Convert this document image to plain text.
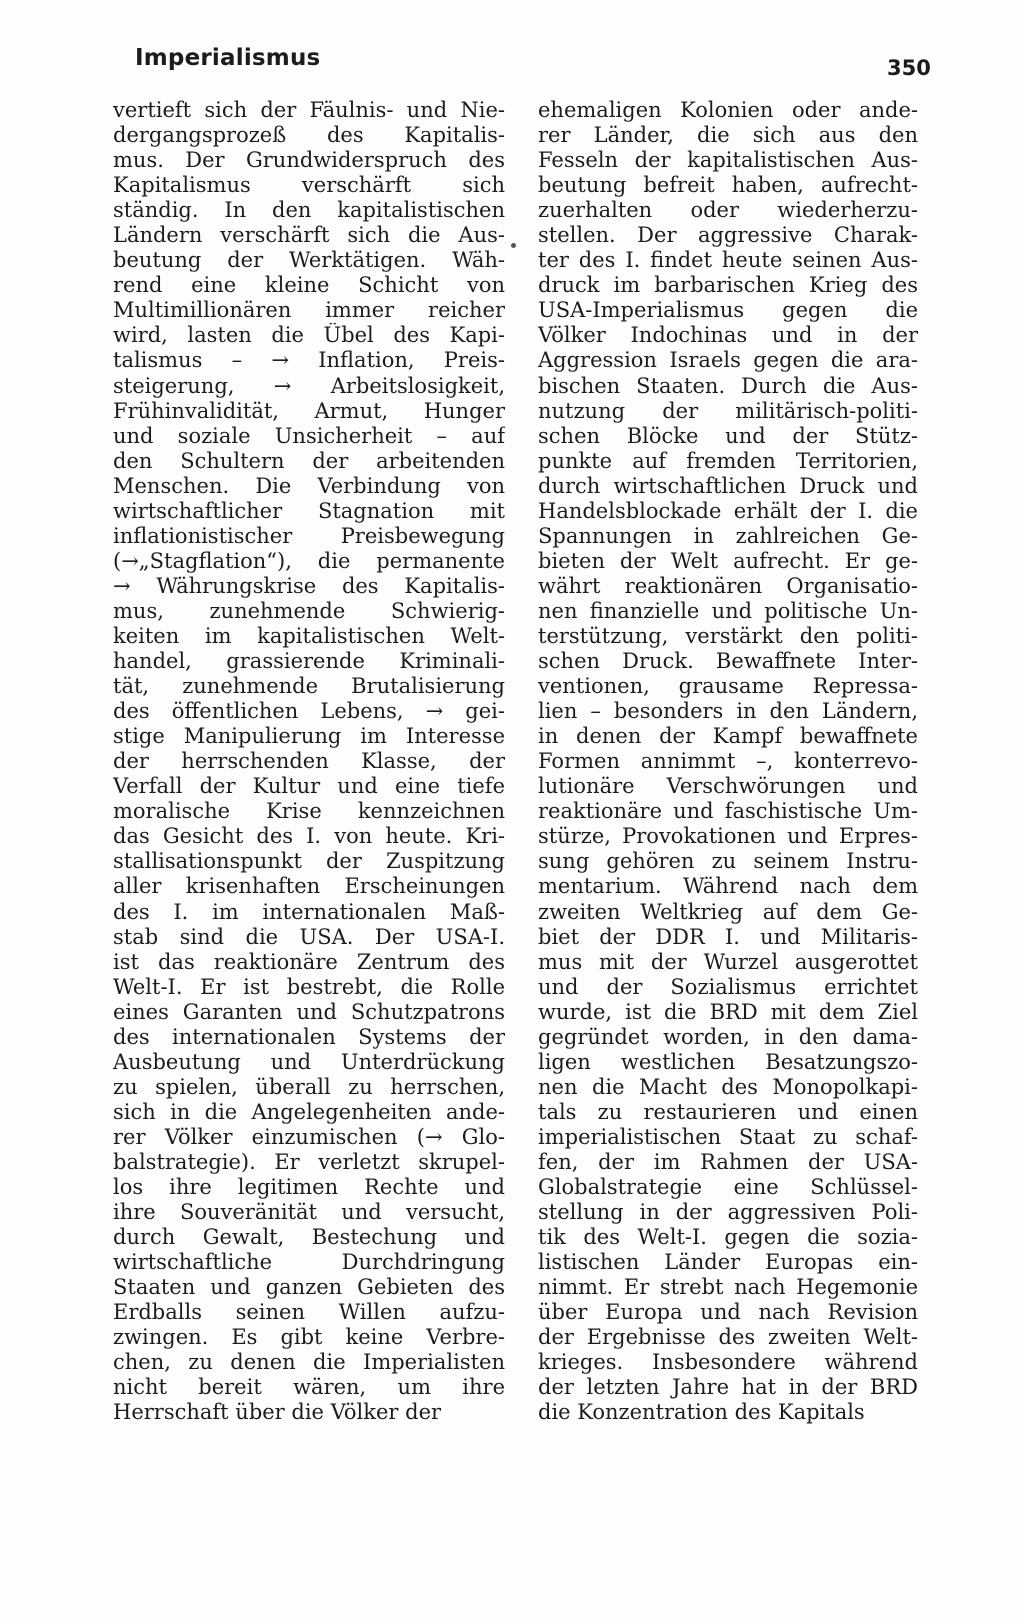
Imperialismus	350
vertieft sich der Fäulnis- und Nie-
dergangsprozeß des Kapitalis-
mus. Der Grundwiderspruch des
Kapitalismus verschärft sich
ständig. In den kapitalistischen
Ländern verschärft sich die Aus-
beutung der Werktätigen. Wäh-
rend eine kleine Schicht von
Multimillionären immer reicher
wird, lasten die Übel des Kapi-
talismus – → Inflation, Preis-
steigerung, → Arbeitslosigkeit,
Frühinvalidität, Armut, Hunger
und soziale Unsicherheit – auf
den Schultern der arbeitenden
Menschen. Die Verbindung von
wirtschaftlicher Stagnation mit
inflationistischer Preisbewegung
(→„Stagflation“), die permanente
→ Währungskrise des Kapitalis-
mus, zunehmende Schwierig-
keiten im kapitalistischen Welt-
handel, grassierende Kriminali-
tät, zunehmende Brutalisierung
des öffentlichen Lebens, → gei-
stige Manipulierung im Interesse
der herrschenden Klasse, der
Verfall der Kultur und eine tiefe
moralische Krise kennzeichnen
das Gesicht des I. von heute. Kri-
stallisationspunkt der Zuspitzung
aller krisenhaften Erscheinungen
des I. im internationalen Maß-
stab sind die USA. Der USA-I.
ist das reaktionäre Zentrum des
Welt-I. Er ist bestrebt, die Rolle
eines Garanten und Schutzpatrons
des internationalen Systems der
Ausbeutung und Unterdrückung
zu spielen, überall zu herrschen,
sich in die Angelegenheiten ande-
rer Völker einzumischen (→ Glo-
balstrategie). Er verletzt skrupel-
los ihre legitimen Rechte und
ihre Souveränität und versucht,
durch Gewalt, Bestechung und
wirtschaftliche Durchdringung
Staaten und ganzen Gebieten des
Erdballs seinen Willen aufzu-
zwingen. Es gibt keine Verbre-
chen, zu denen die Imperialisten
nicht bereit wären, um ihre
Herrschaft über die Völker der
ehemaligen Kolonien oder ande-
rer Länder, die sich aus den
Fesseln der kapitalistischen Aus-
beutung befreit haben, aufrecht-
zuerhalten oder wiederherzu-
stellen. Der aggressive Charak-
ter des I. findet heute seinen Aus-
druck im barbarischen Krieg des
USA-Imperialismus gegen die
Völker Indochinas und in der
Aggression Israels gegen die ara-
bischen Staaten. Durch die Aus-
nutzung der militärisch-politi-
schen Blöcke und der Stütz-
punkte auf fremden Territorien,
durch wirtschaftlichen Druck und
Handelsblockade erhält der I. die
Spannungen in zahlreichen Ge-
bieten der Welt aufrecht. Er ge-
währt reaktionären Organisatio-
nen finanzielle und politische Un-
terstützung, verstärkt den politi-
schen Druck. Bewaffnete Inter-
ventionen, grausame Repressa-
lien – besonders in den Ländern,
in denen der Kampf bewaffnete
Formen annimmt –, konterrevo-
lutionäre Verschwörungen und
reaktionäre und faschistische Um-
stürze, Provokationen und Erpres-
sung gehören zu seinem Instru-
mentarium. Während nach dem
zweiten Weltkrieg auf dem Ge-
biet der DDR I. und Militaris-
mus mit der Wurzel ausgerottet
und der Sozialismus errichtet
wurde, ist die BRD mit dem Ziel
gegründet worden, in den dama-
ligen westlichen Besatzungszo-
nen die Macht des Monopolkapi-
tals zu restaurieren und einen
imperialistischen Staat zu schaf-
fen, der im Rahmen der USA-
Globalstrategie eine Schlüssel-
stellung in der aggressiven Poli-
tik des Welt-I. gegen die sozia-
listischen Länder Europas ein-
nimmt. Er strebt nach Hegemonie
über Europa und nach Revision
der Ergebnisse des zweiten Welt-
krieges. Insbesondere während
der letzten Jahre hat in der BRD
die Konzentration des Kapitals
